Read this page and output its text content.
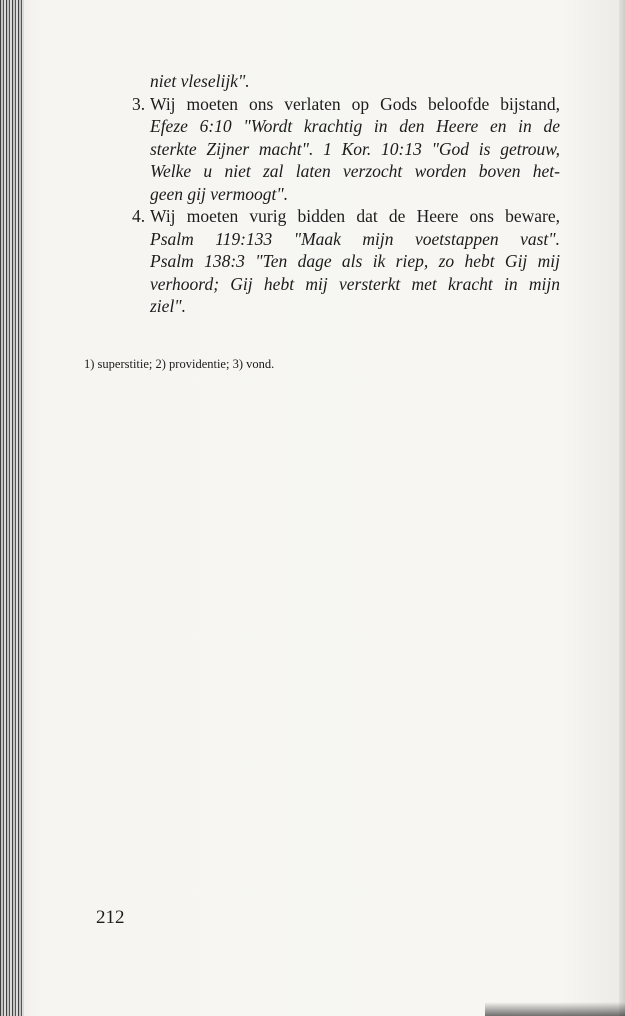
niet vleselijk".
3. Wij moeten ons verlaten op Gods beloofde bijstand,
Efeze 6:10 "Wordt krachtig in den Heere en in de
sterkte Zijner macht". 1 Kor. 10:13 "God is getrouw,
Welke u niet zal laten verzocht worden boven het-
geen gij vermoogt".
4. Wij moeten vurig bidden dat de Heere ons beware,
Psalm 119:133 "Maak mijn voetstappen vast".
Psalm 138:3 "Ten dage als ik riep, zo hebt Gij mij
verhoord; Gij hebt mij versterkt met kracht in mijn
ziel".
1) superstitie; 2) providentie; 3) vond.
212
